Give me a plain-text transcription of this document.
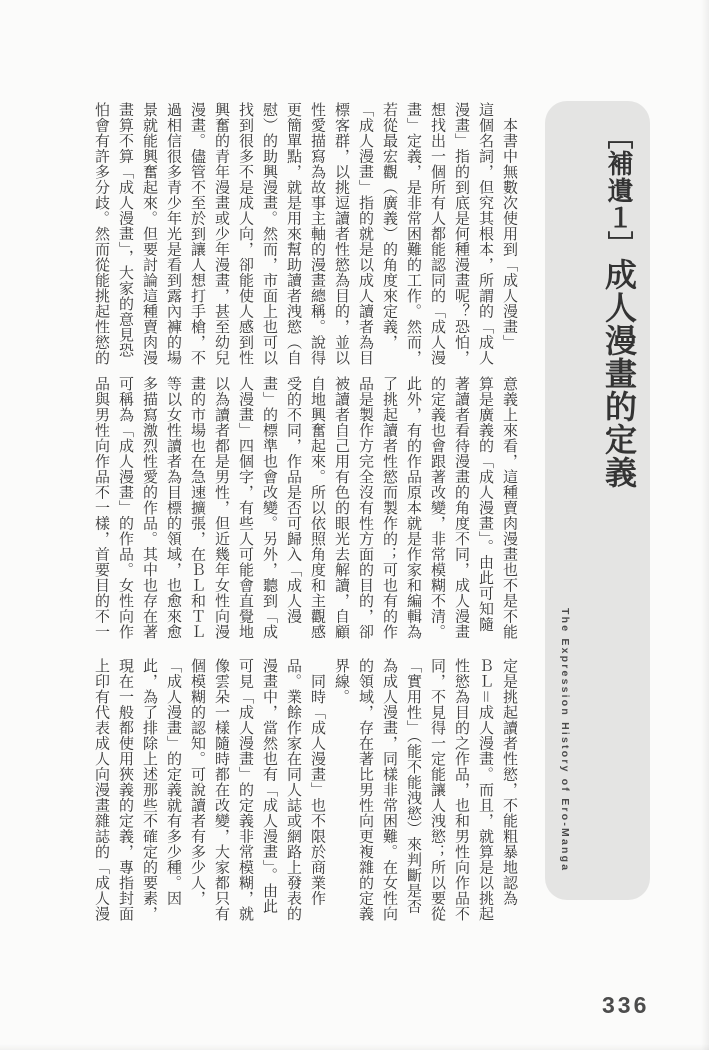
　本書中無數次使用到「成人漫畫」
這個名詞，但究其根本，所謂的「成人
漫畫」指的到底是何種漫畫呢？恐怕，
想找出一個所有人都能認同的「成人漫
畫」定義，是非常困難的工作。然而，
若從最宏觀（廣義）的角度來定義，
「成人漫畫」指的就是以成人讀者為目
標客群，以挑逗讀者性慾為目的，並以
性愛描寫為故事主軸的漫畫總稱。說得
更簡單點，就是用來幫助讀者洩慾（自
慰）的助興漫畫。然而，市面上也可以
找到很多不是成人向，卻能使人感到性
興奮的青年漫畫或少年漫畫，甚至幼兒
漫畫。儘管不至於到讓人想打手槍，不
過相信很多青少年光是看到露內褲的場
景就能興奮起來。但要討論這種賣肉漫
畫算不算「成人漫畫」，大家的意見恐
怕會有許多分歧。然而從能挑起性慾的
意義上來看，這種賣肉漫畫也不是不能
算是廣義的「成人漫畫」。由此可知隨
著讀者看待漫畫的角度不同，成人漫畫
的定義也會跟著改變，非常模糊不清。
此外，有的作品原本就是作家和編輯為
了挑起讀者性慾而製作的；可也有的作
品是製作方完全沒有性方面的目的，卻
被讀者自己用有色的眼光去解讀，自顧
自地興奮起來。所以依照角度和主觀感
受的不同，作品是否可歸入「成人漫
畫」的標準也會改變。另外，聽到「成
人漫畫」四個字，有些人可能會直覺地
以為讀者都是男性，但近幾年女性向漫
畫的市場也在急速擴張，在ＢＬ和ＴＬ
等以女性讀者為目標的領域，也愈來愈
多描寫激烈性愛的作品。其中也存在著
可稱為「成人漫畫」的作品。女性向作
品與男性向作品不一樣，首要目的不一
定是挑起讀者性慾，不能粗暴地認為
ＢＬ＝成人漫畫。而且，就算是以挑起
性慾為目的之作品，也和男性向作品不
同，不見得一定能讓人洩慾；所以要從
「實用性」（能不能洩慾）來判斷是否
為成人漫畫，同樣非常困難。在女性向
的領域，存在著比男性向更複雜的定義
界線。
　同時「成人漫畫」也不限於商業作
品。業餘作家在同人誌或網路上發表的
漫畫中，當然也有「成人漫畫」。由此
可見「成人漫畫」的定義非常模糊，就
像雲朵一樣隨時都在改變，大家都只有
個模糊的認知。可說讀者有多少人，
「成人漫畫」的定義就有多少種。因
此，為了排除上述那些不確定的要素，
現在一般都使用狹義的定義，專指封面
上印有代表成人向漫畫雜誌的「成人漫
［補遺１］成人漫畫的定義
The Expression History of Ero-Manga
336
